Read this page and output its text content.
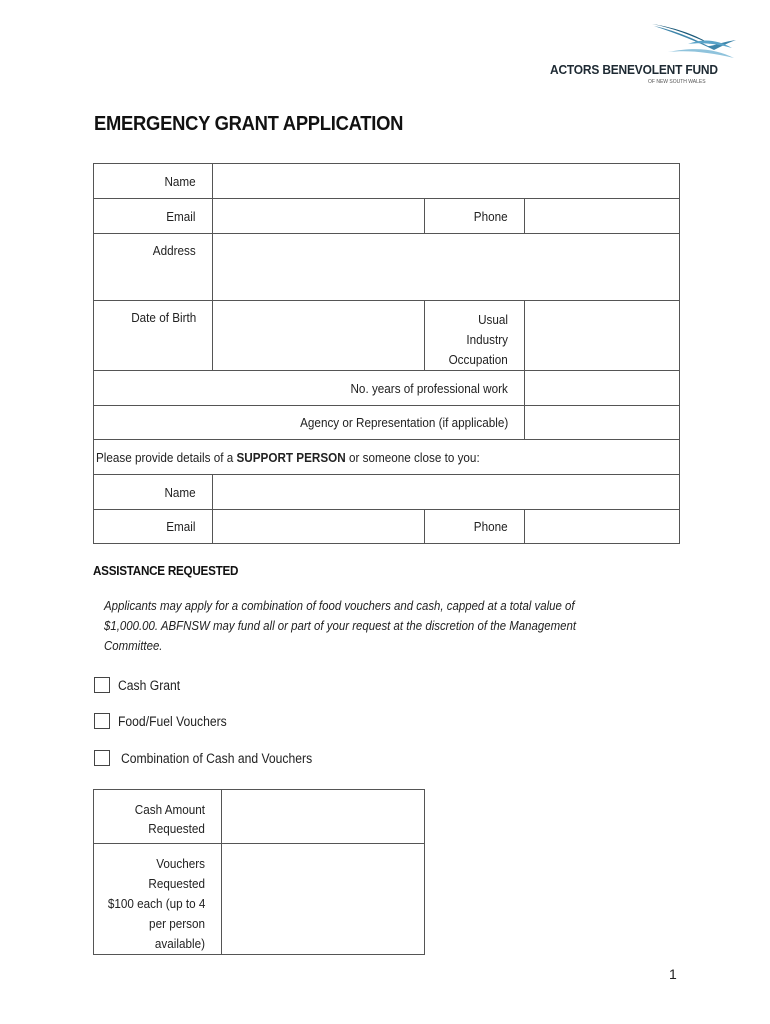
ACTORS BENEVOLENT FUND
OF NEW SOUTH WALES
EMERGENCY GRANT APPLICATION
Name			
Email		Phone	
Address			
Date of Birth		Usual Industry
Occupation	
No. years of professional work			
Agency or Representation (if applicable)			
Please provide details of a SUPPORT PERSON or someone close to you:			
Name			
Email		Phone	
ASSISTANCE REQUESTED
Applicants may apply for a combination of food vouchers and cash, capped at a total value of
$1,000.00. ABFNSW may fund all or part of your request at the discretion of the Management Committee.
Cash Grant
Food/Fuel Vouchers
Combination of Cash and Vouchers
Cash Amount
Requested	
Vouchers Requested
$100 each (up to 4
per person available)	
1
